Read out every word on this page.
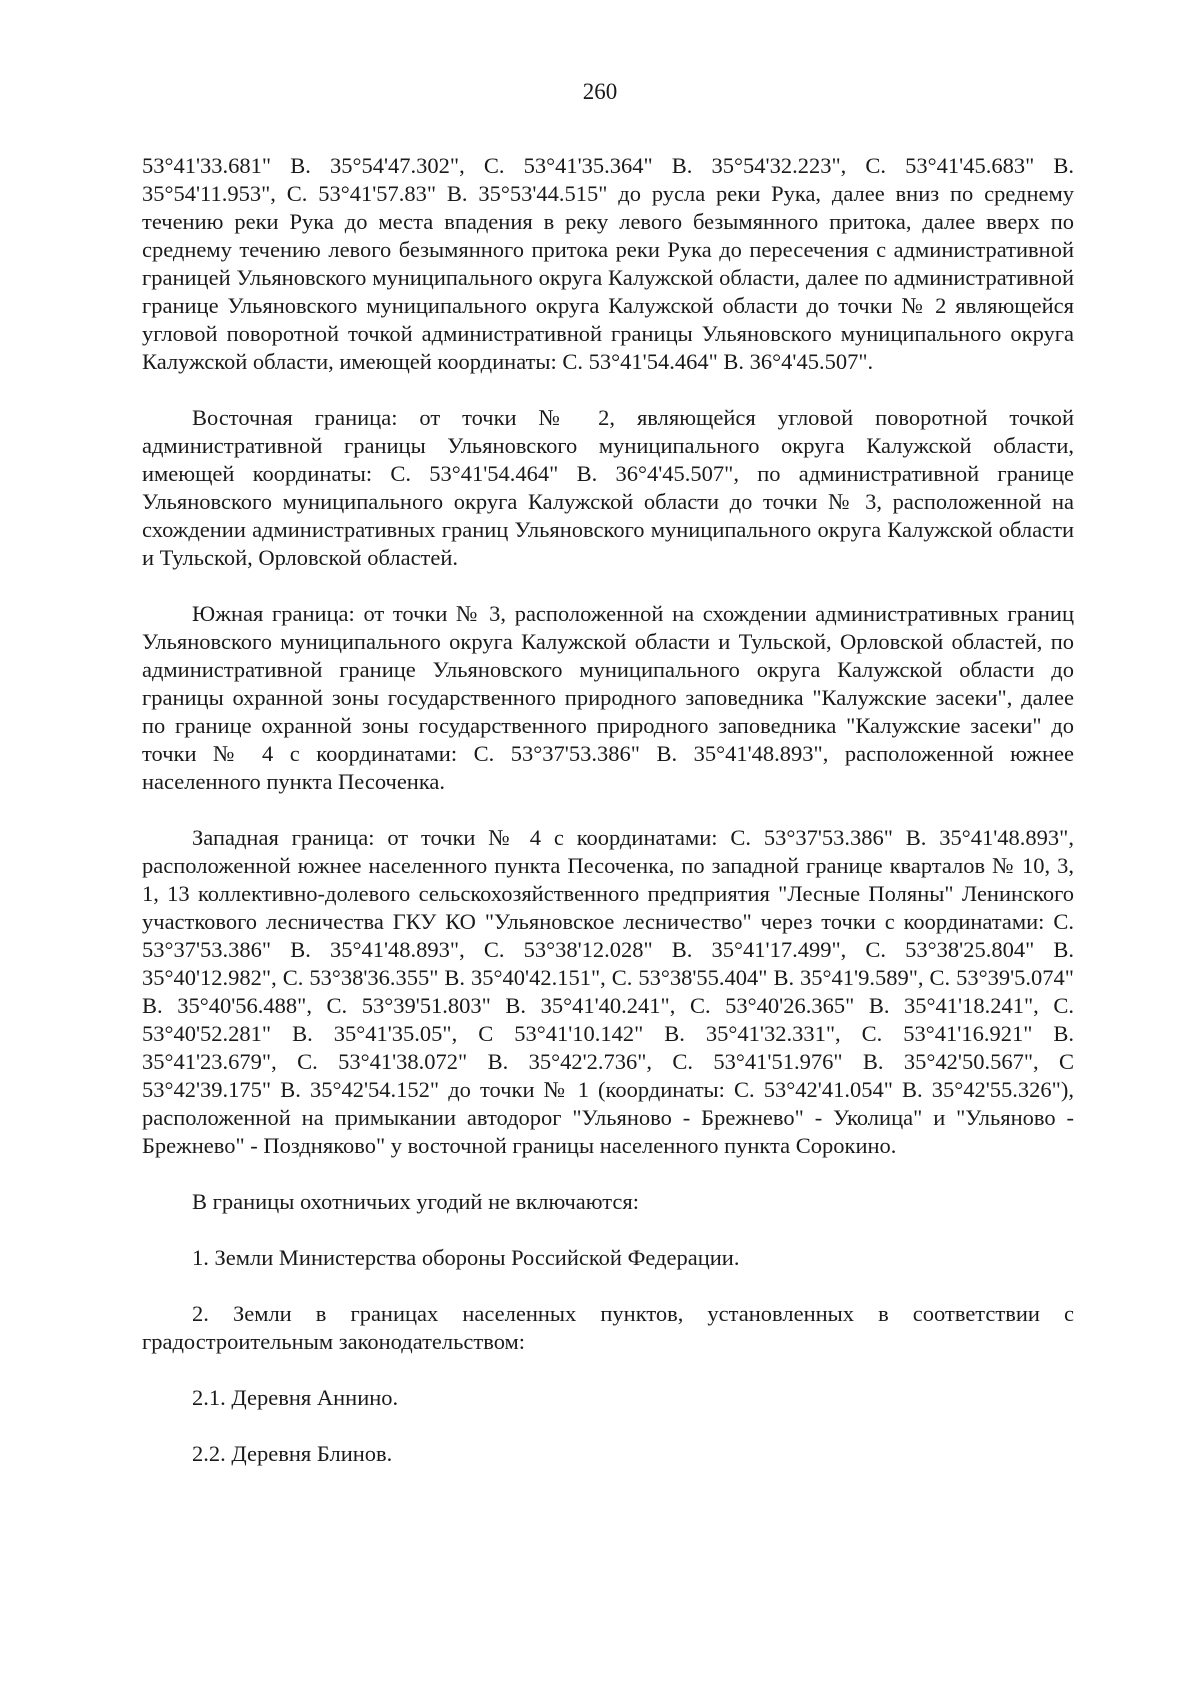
260

53°41'33.681" В. 35°54'47.302", С. 53°41'35.364" В. 35°54'32.223", С. 53°41'45.683" В. 35°54'11.953", С. 53°41'57.83" В. 35°53'44.515" до русла реки Рука, далее вниз по среднему течению реки Рука до места впадения в реку левого безымянного притока, далее вверх по среднему течению левого безымянного притока реки Рука до пересечения с административной границей Ульяновского муниципального округа Калужской области, далее по административной границе Ульяновского муниципального округа Калужской области до точки № 2 являющейся угловой поворотной точкой административной границы Ульяновского муниципального округа Калужской области, имеющей координаты: С. 53°41'54.464" В. 36°4'45.507".

Восточная граница: от точки № 2, являющейся угловой поворотной точкой административной границы Ульяновского муниципального округа Калужской области, имеющей координаты: С. 53°41'54.464" В. 36°4'45.507", по административной границе Ульяновского муниципального округа Калужской области до точки № 3, расположенной на схождении административных границ Ульяновского муниципального округа Калужской области и Тульской, Орловской областей.

Южная граница: от точки № 3, расположенной на схождении административных границ Ульяновского муниципального округа Калужской области и Тульской, Орловской областей, по административной границе Ульяновского муниципального округа Калужской области до границы охранной зоны государственного природного заповедника "Калужские засеки", далее по границе охранной зоны государственного природного заповедника "Калужские засеки" до точки № 4 с координатами: С. 53°37'53.386" В. 35°41'48.893", расположенной южнее населенного пункта Песоченка.

Западная граница: от точки № 4 с координатами: С. 53°37'53.386" В. 35°41'48.893", расположенной южнее населенного пункта Песоченка, по западной границе кварталов № 10, 3, 1, 13 коллективно-долевого сельскохозяйственного предприятия "Лесные Поляны" Ленинского участкового лесничества ГКУ КО "Ульяновское лесничество" через точки с координатами: С. 53°37'53.386" В. 35°41'48.893", С. 53°38'12.028" В. 35°41'17.499", С. 53°38'25.804" В. 35°40'12.982", С. 53°38'36.355" В. 35°40'42.151", С. 53°38'55.404" В. 35°41'9.589", С. 53°39'5.074" В. 35°40'56.488", С. 53°39'51.803" В. 35°41'40.241", С. 53°40'26.365" В. 35°41'18.241", С. 53°40'52.281" В. 35°41'35.05", С 53°41'10.142" В. 35°41'32.331", С. 53°41'16.921" В. 35°41'23.679", С. 53°41'38.072" В. 35°42'2.736", С. 53°41'51.976" В. 35°42'50.567", С 53°42'39.175" В. 35°42'54.152" до точки № 1 (координаты: С. 53°42'41.054" В. 35°42'55.326"), расположенной на примыкании автодорог "Ульяново - Брежнево" - Уколица" и "Ульяново - Брежнево" - Поздняково" у восточной границы населенного пункта Сорокино.

В границы охотничьих угодий не включаются:

1. Земли Министерства обороны Российской Федерации.

2. Земли в границах населенных пунктов, установленных в соответствии с градостроительным законодательством:

2.1. Деревня Аннино.

2.2. Деревня Блинов.
